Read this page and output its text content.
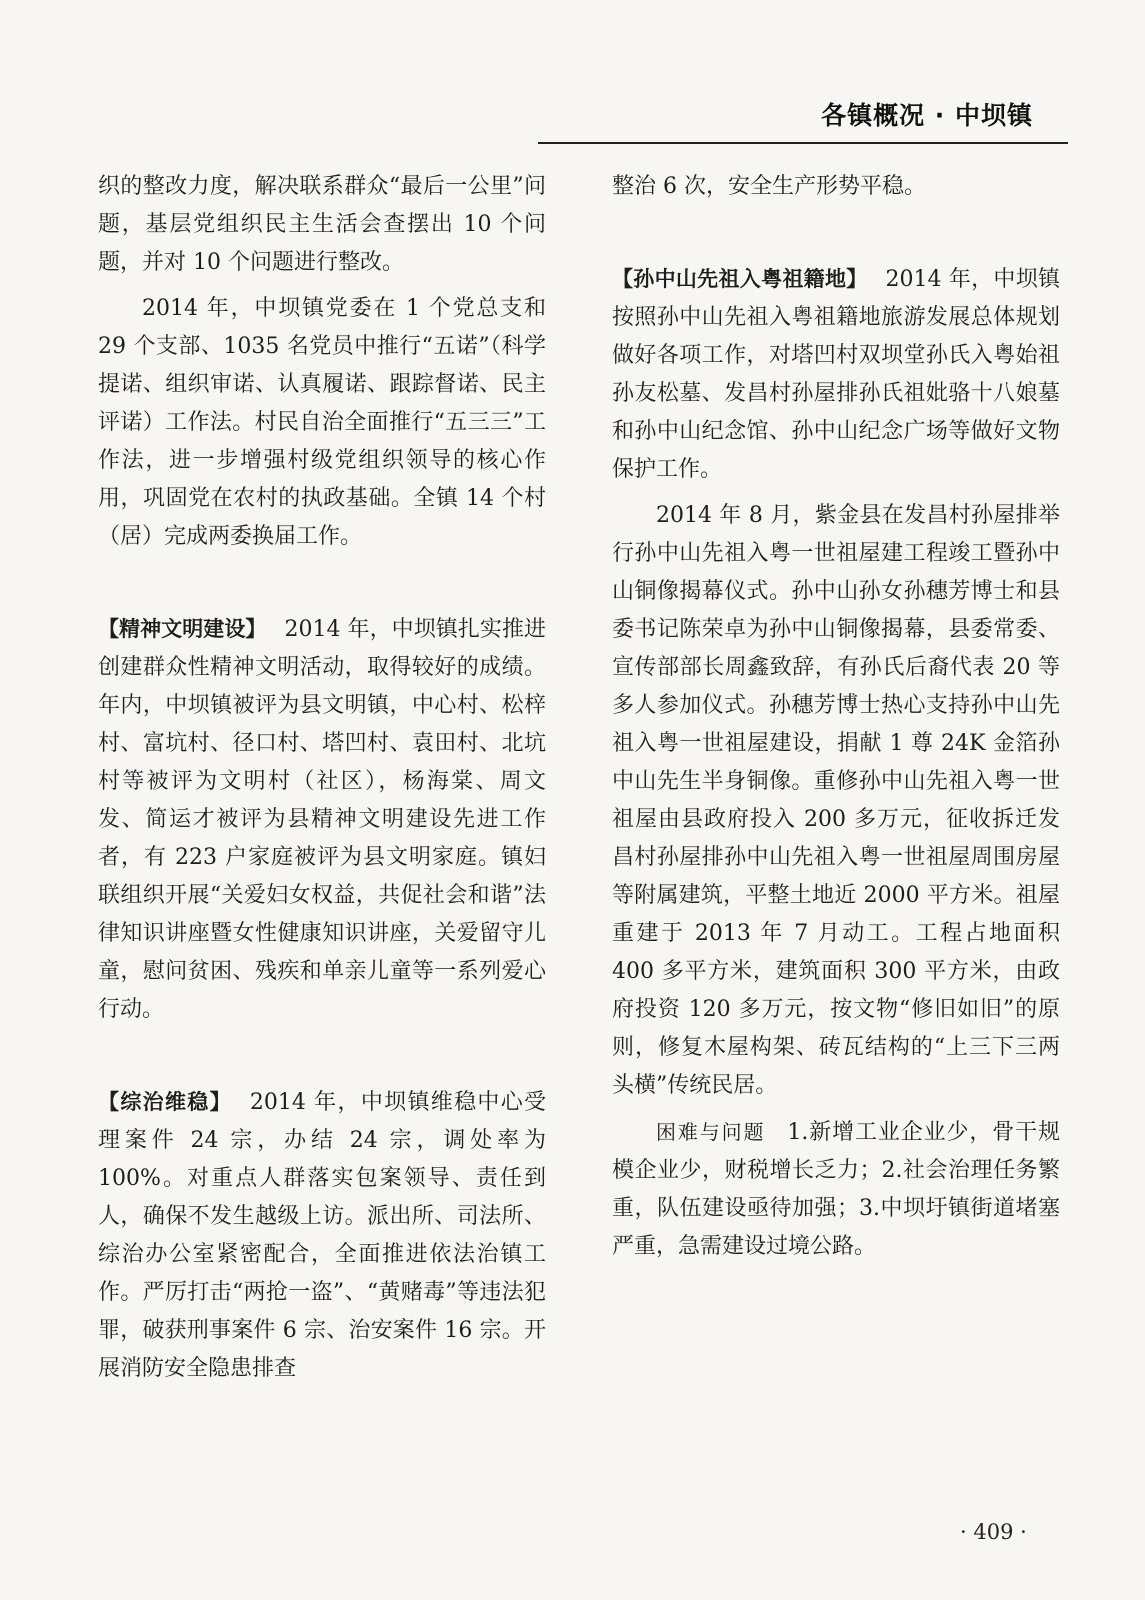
各镇概况 · 中坝镇

织的整改力度，解决联系群众“最后一公里”问题，基层党组织民主生活会查摆出 10 个问题，并对 10 个问题进行整改。

2014 年，中坝镇党委在 1 个党总支和 29 个支部、1035 名党员中推行“五诺”（科学提诺、组织审诺、认真履诺、跟踪督诺、民主评诺）工作法。村民自治全面推行“五三三”工作法，进一步增强村级党组织领导的核心作用，巩固党在农村的执政基础。全镇 14 个村（居）完成两委换届工作。

【精神文明建设】 2014 年，中坝镇扎实推进创建群众性精神文明活动，取得较好的成绩。年内，中坝镇被评为县文明镇，中心村、松梓村、富坑村、径口村、塔凹村、袁田村、北坑村等被评为文明村（社区），杨海棠、周文发、简运才被评为县精神文明建设先进工作者，有 223 户家庭被评为县文明家庭。镇妇联组织开展“关爱妇女权益，共促社会和谐”法律知识讲座暨女性健康知识讲座，关爱留守儿童，慰问贫困、残疾和单亲儿童等一系列爱心行动。

【综治维稳】 2014 年，中坝镇维稳中心受理案件 24 宗，办结 24 宗，调处率为 100%。对重点人群落实包案领导、责任到人，确保不发生越级上访。派出所、司法所、综治办公室紧密配合，全面推进依法治镇工作。严厉打击“两抢一盗”、“黄赌毒”等违法犯罪，破获刑事案件 6 宗、治安案件 16 宗。开展消防安全隐患排查

整治 6 次，安全生产形势平稳。

【孙中山先祖入粤祖籍地】 2014 年，中坝镇按照孙中山先祖入粤祖籍地旅游发展总体规划做好各项工作，对塔凹村双坝堂孙氏入粤始祖孙友松墓、发昌村孙屋排孙氏祖妣骆十八娘墓和孙中山纪念馆、孙中山纪念广场等做好文物保护工作。

2014 年 8 月，紫金县在发昌村孙屋排举行孙中山先祖入粤一世祖屋建工程竣工暨孙中山铜像揭幕仪式。孙中山孙女孙穗芳博士和县委书记陈荣卓为孙中山铜像揭幕，县委常委、宣传部部长周鑫致辞，有孙氏后裔代表 20 等多人参加仪式。孙穗芳博士热心支持孙中山先祖入粤一世祖屋建设，捐献 1 尊 24K 金箔孙中山先生半身铜像。重修孙中山先祖入粤一世祖屋由县政府投入 200 多万元，征收拆迁发昌村孙屋排孙中山先祖入粤一世祖屋周围房屋等附属建筑，平整土地近 2000 平方米。祖屋重建于 2013 年 7 月动工。工程占地面积 400 多平方米，建筑面积 300 平方米，由政府投资 120 多万元，按文物“修旧如旧”的原则，修复木屋构架、砖瓦结构的“上三下三两头横”传统民居。

困难与问题 1.新增工业企业少，骨干规模企业少，财税增长乏力；2.社会治理任务繁重，队伍建设亟待加强；3.中坝圩镇街道堵塞严重，急需建设过境公路。

· 409 ·
